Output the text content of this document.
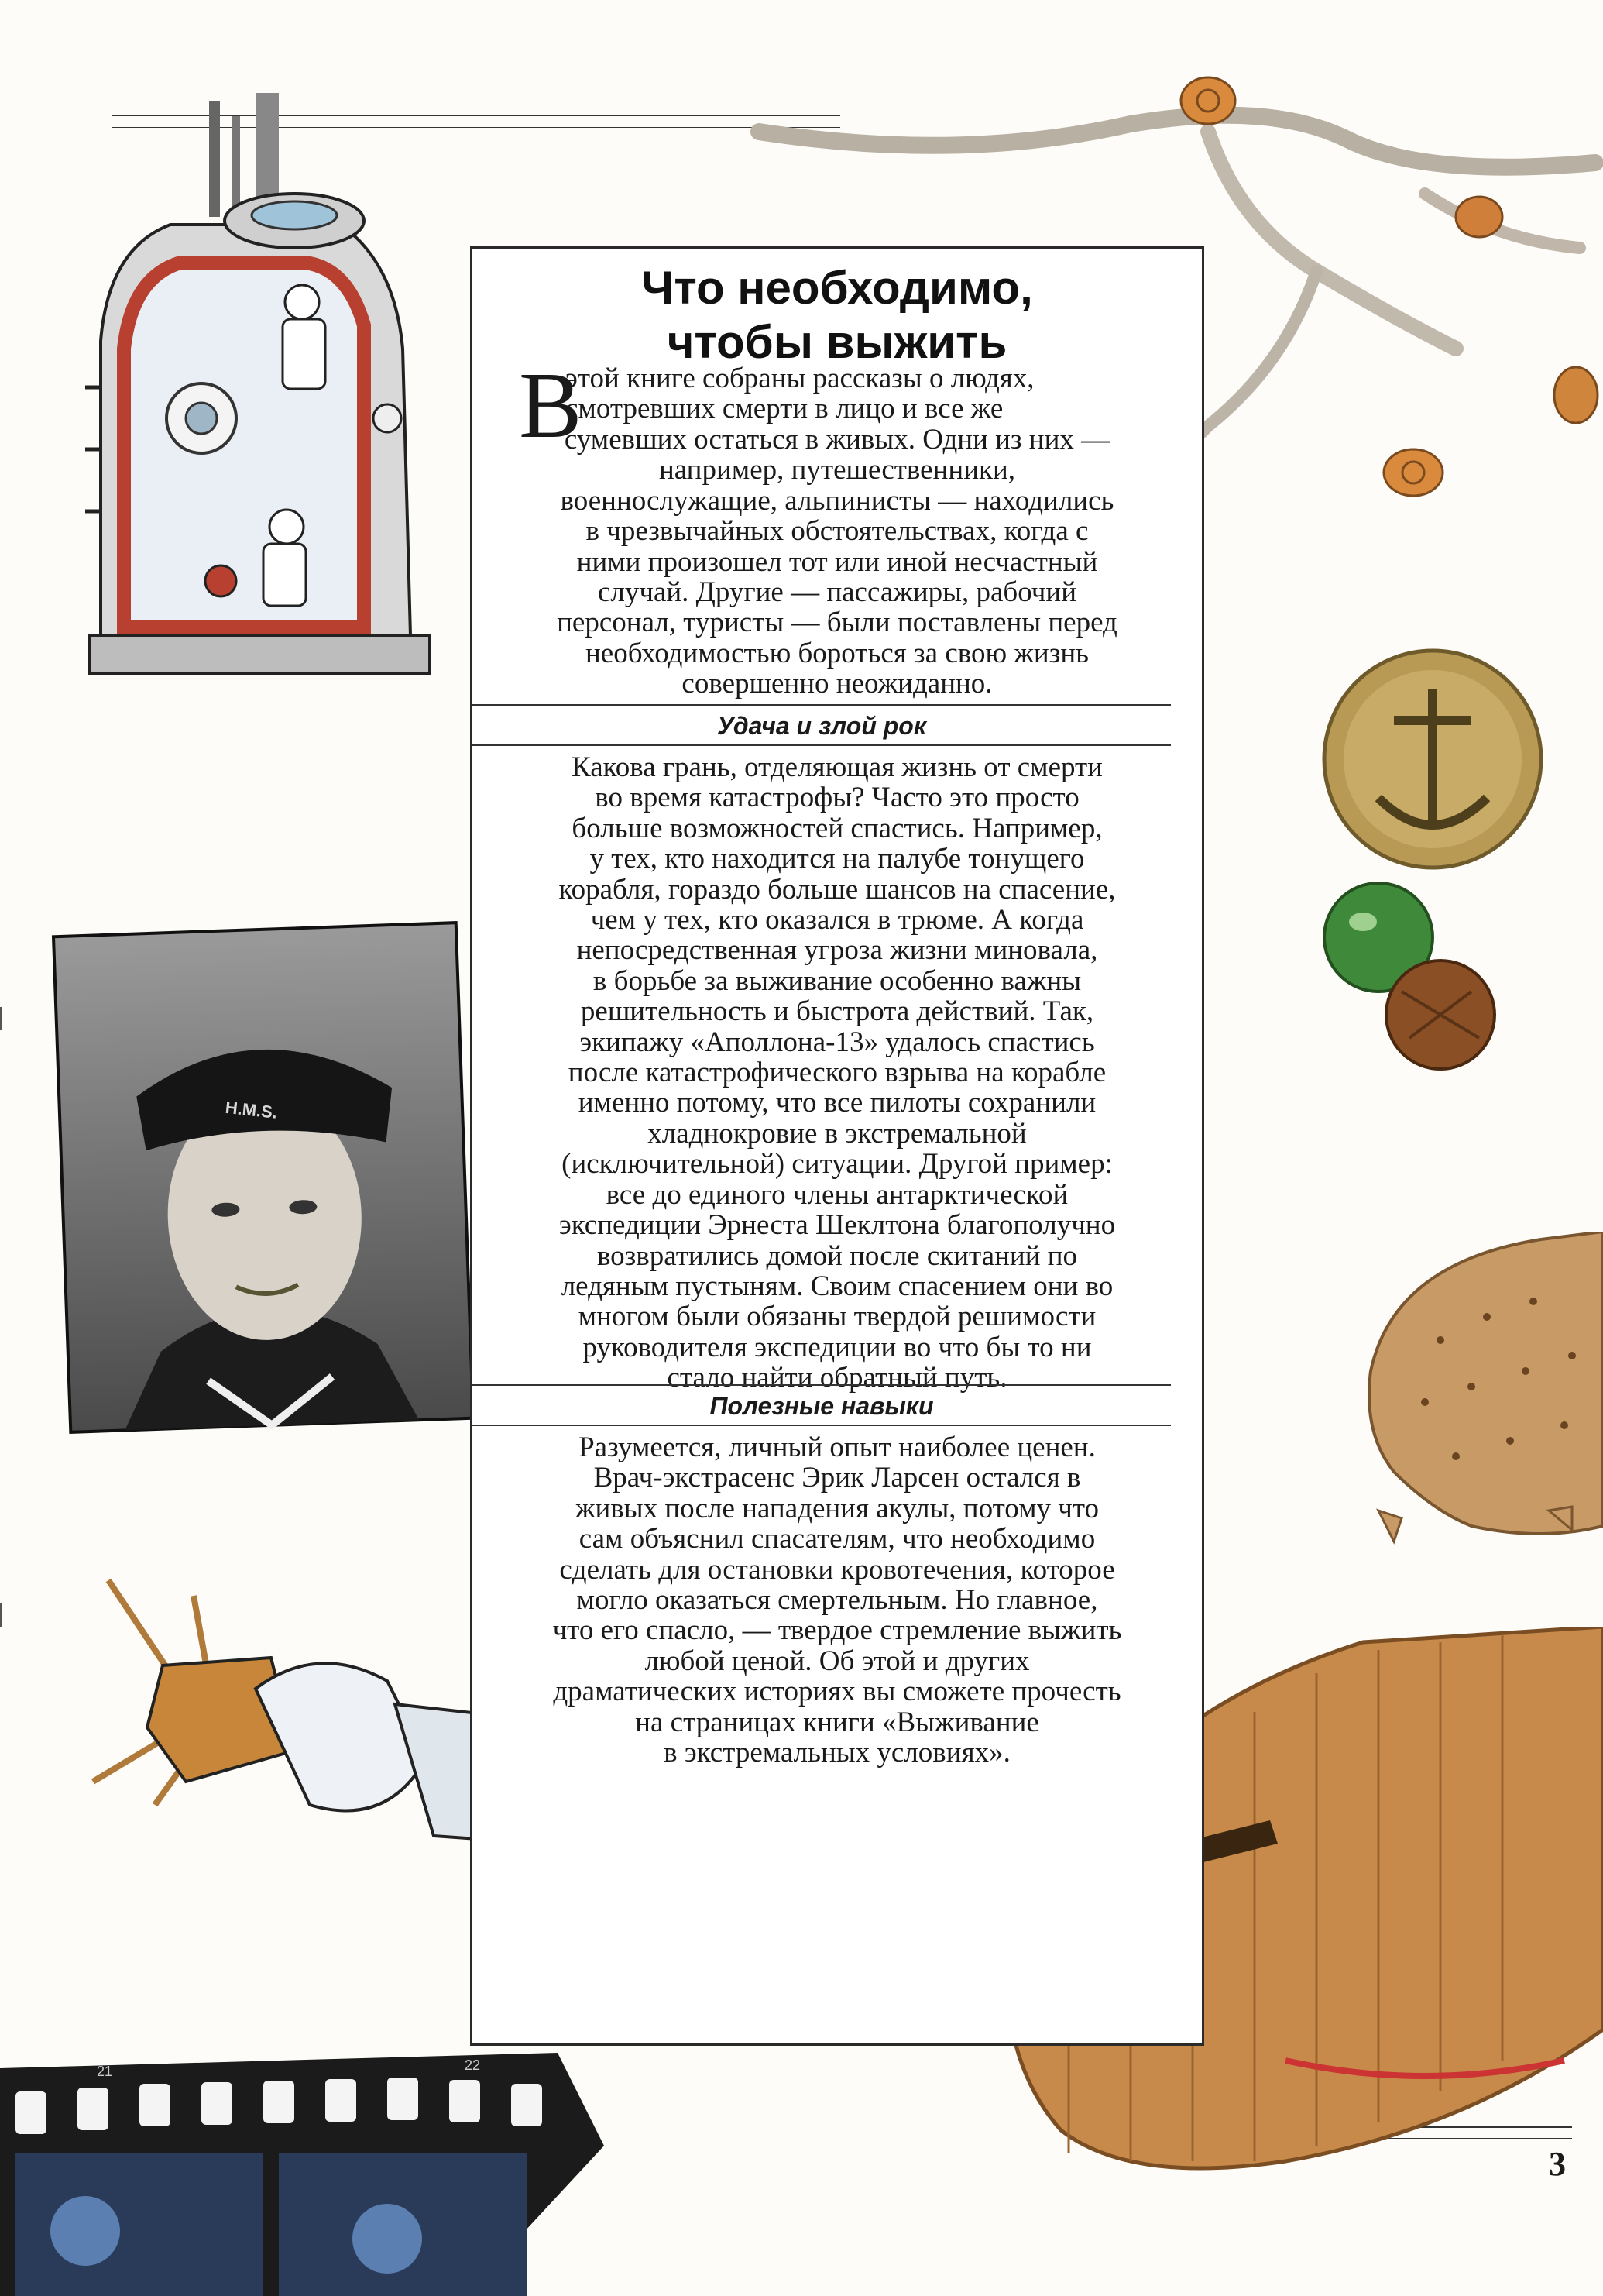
H.M.S.
21	22
Что необходимо,
чтобы выжить
В
этой книге собраны рассказы о людях,
смотревших смерти в лицо и все же
сумевших остаться в живых. Одни из них —
например, путешественники,
военнослужащие, альпинисты — находились
в чрезвычайных обстоятельствах, когда с
ними произошел тот или иной несчастный
случай. Другие — пассажиры, рабочий
персонал, туристы — были поставлены перед
необходимостью бороться за свою жизнь
совершенно неожиданно.
Удача и злой рок
Какова грань, отделяющая жизнь от смерти
во время катастрофы? Часто это просто
больше возможностей спастись. Например,
у тех, кто находится на палубе тонущего
корабля, гораздо больше шансов на спасение,
чем у тех, кто оказался в трюме. А когда
непосредственная угроза жизни миновала,
в борьбе за выживание особенно важны
решительность и быстрота действий. Так,
экипажу «Аполлона-13» удалось спастись
после катастрофического взрыва на корабле
именно потому, что все пилоты сохранили
хладнокровие в экстремальной
(исключительной) ситуации. Другой пример:
все до единого члены антарктической
экспедиции Эрнеста Шеклтона благополучно
возвратились домой после скитаний по
ледяным пустыням. Своим спасением они во
многом были обязаны твердой решимости
руководителя экспедиции во что бы то ни
стало найти обратный путь.
Полезные навыки
Разумеется, личный опыт наиболее ценен.
Врач-экстрасенс Эрик Ларсен остался в
живых после нападения акулы, потому что
сам объяснил спасателям, что необходимо
сделать для остановки кровотечения, которое
могло оказаться смертельным. Но главное,
что его спасло, — твердое стремление выжить
любой ценой. Об этой и других
драматических историях вы сможете прочесть
на страницах книги «Выживание
в экстремальных условиях».
3
